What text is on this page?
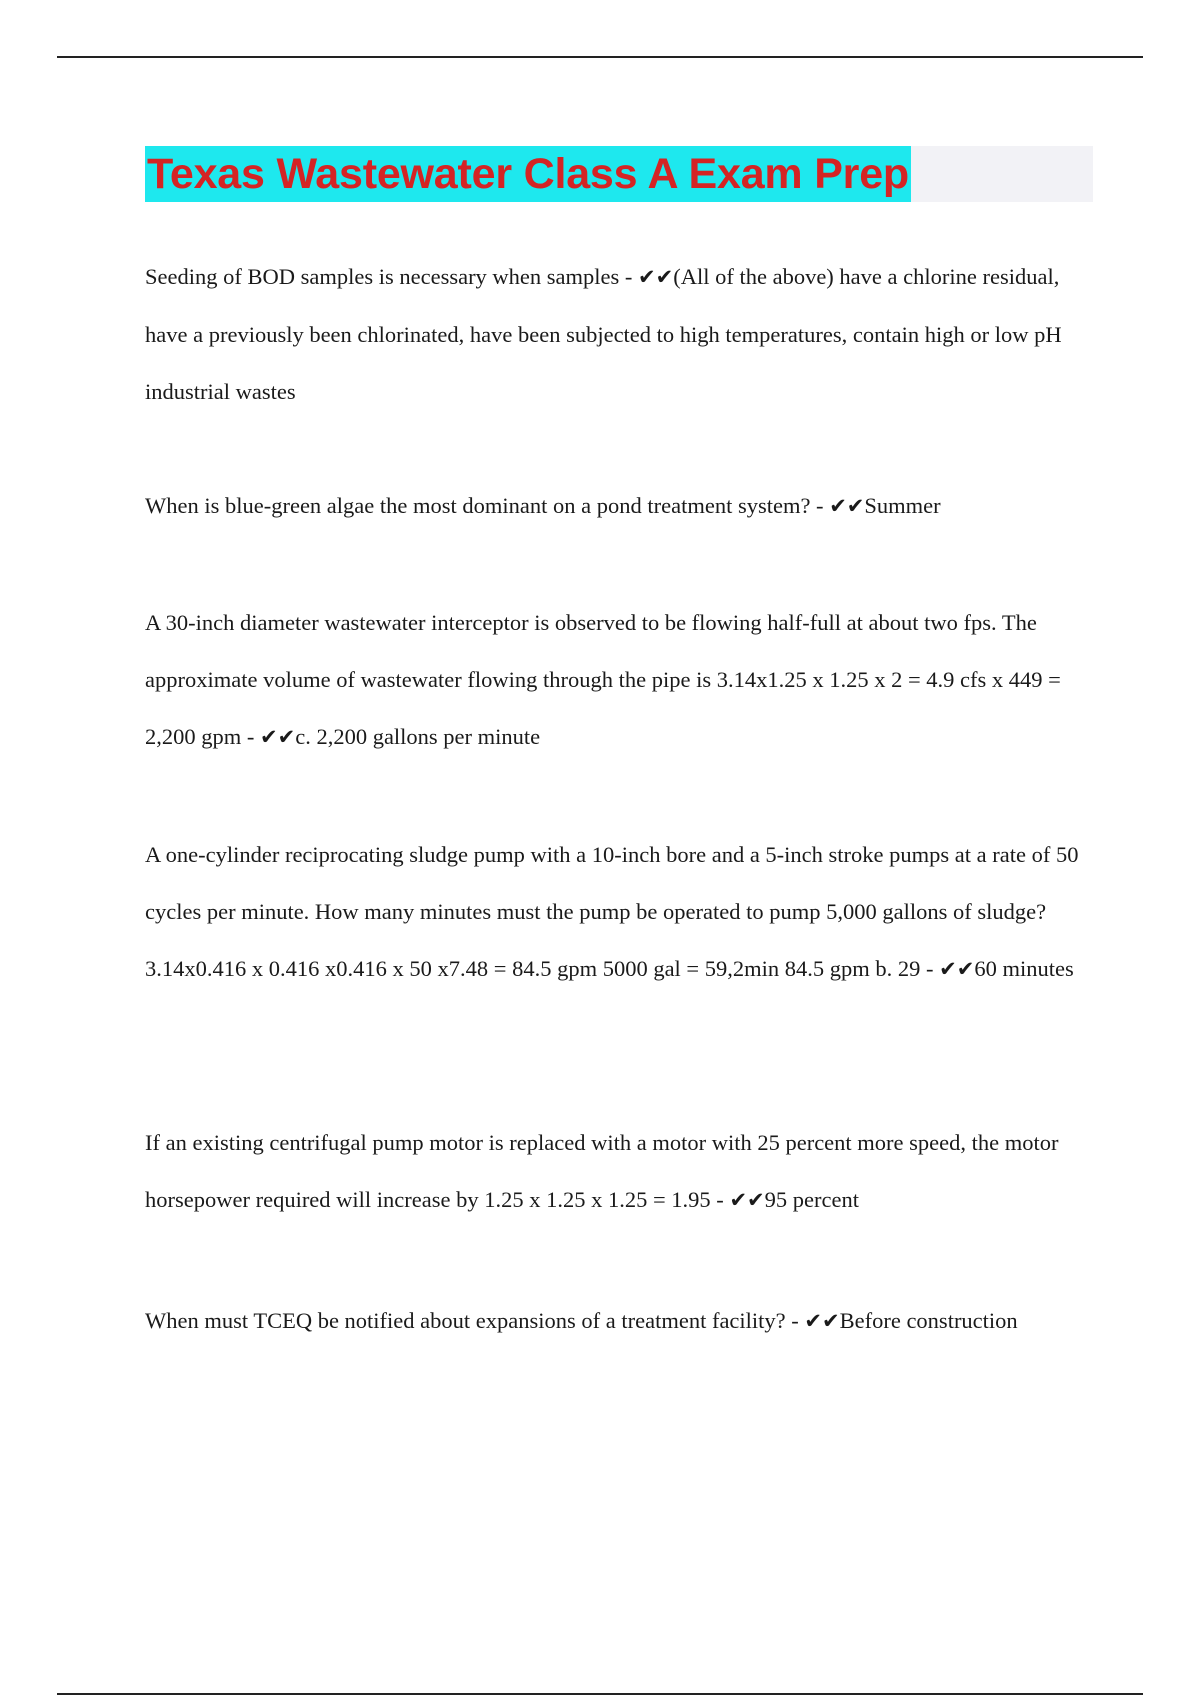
Texas Wastewater Class A Exam Prep

Seeding of BOD samples is necessary when samples - ✔✔(All of the above) have a chlorine residual, have a previously been chlorinated, have been subjected to high temperatures, contain high or low pH industrial wastes

When is blue-green algae the most dominant on a pond treatment system? - ✔✔Summer

A 30-inch diameter wastewater interceptor is observed to be flowing half-full at about two fps. The approximate volume of wastewater flowing through the pipe is 3.14x1.25 x 1.25 x 2 = 4.9 cfs x 449 = 2,200 gpm - ✔✔c. 2,200 gallons per minute

A one-cylinder reciprocating sludge pump with a 10-inch bore and a 5-inch stroke pumps at a rate of 50 cycles per minute. How many minutes must the pump be operated to pump 5,000 gallons of sludge? 3.14x0.416 x 0.416 x0.416 x 50 x7.48 = 84.5 gpm 5000 gal = 59,2min 84.5 gpm b. 29 - ✔✔60 minutes

If an existing centrifugal pump motor is replaced with a motor with 25 percent more speed, the motor horsepower required will increase by 1.25 x 1.25 x 1.25 = 1.95 - ✔✔95 percent

When must TCEQ be notified about expansions of a treatment facility? - ✔✔Before construction
